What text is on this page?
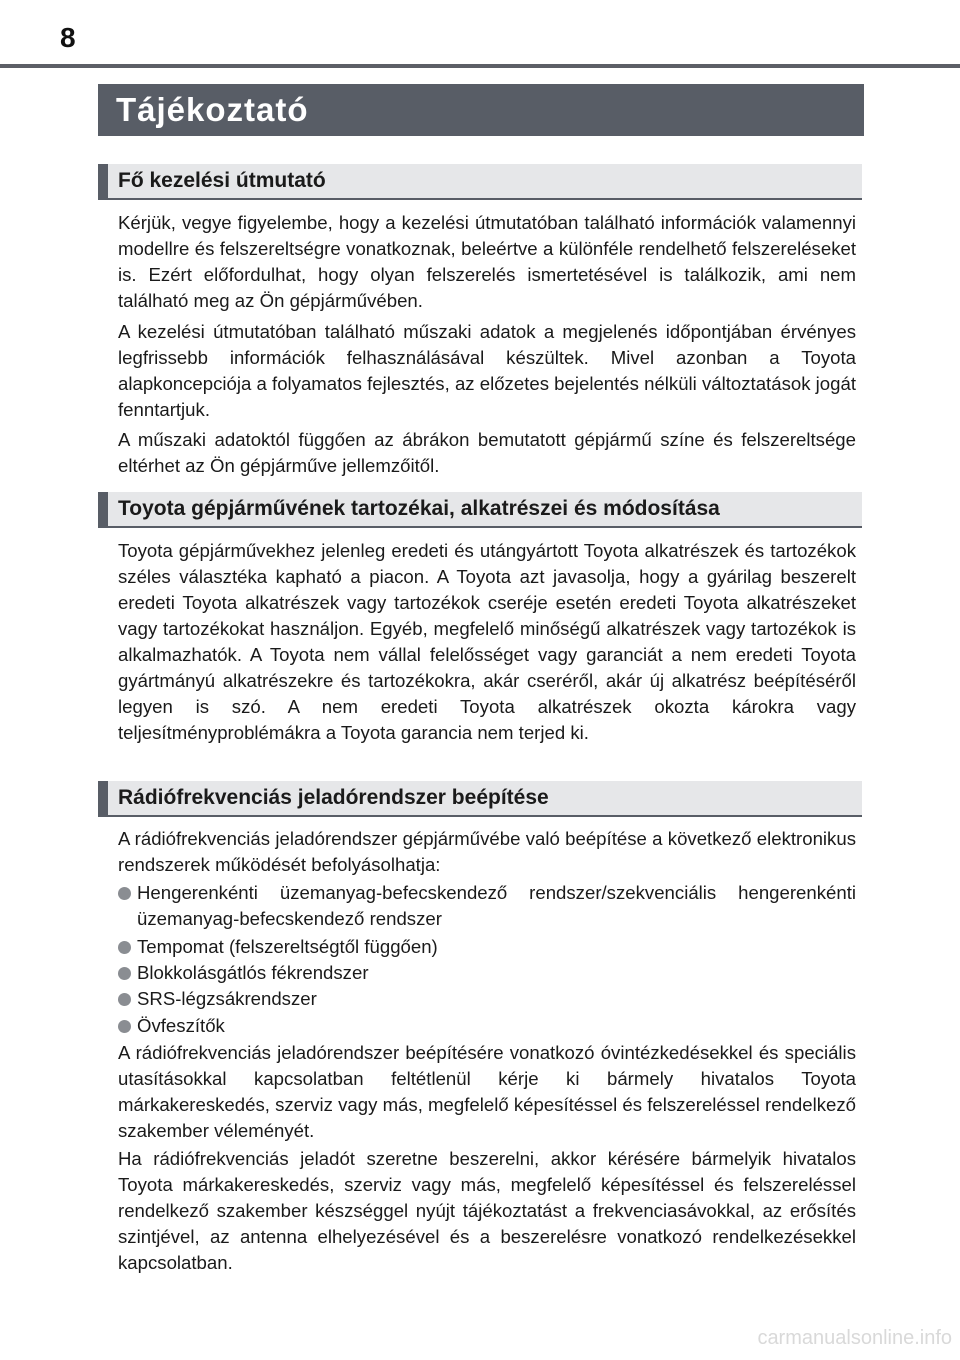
8
Tájékoztató
Fő kezelési útmutató

Kérjük, vegye figyelembe, hogy a kezelési útmutatóban található információk valamennyi modellre és felszereltségre vonatkoznak, beleértve a különféle rendelhető felszereléseket is. Ezért előfordulhat, hogy olyan felszerelés ismertetésével is találkozik, ami nem található meg az Ön gépjárművében.

A kezelési útmutatóban található műszaki adatok a megjelenés időpontjában érvényes legfrissebb információk felhasználásával készültek. Mivel azonban a Toyota alapkoncepciója a folyamatos fejlesztés, az előzetes bejelentés nélküli változtatások jogát fenntartjuk.

A műszaki adatoktól függően az ábrákon bemutatott gépjármű színe és felszereltsége eltérhet az Ön gépjárműve jellemzőitől.

Toyota gépjárművének tartozékai, alkatrészei és módosítása

Toyota gépjárművekhez jelenleg eredeti és utángyártott Toyota alkatrészek és tartozékok széles választéka kapható a piacon. A Toyota azt javasolja, hogy a gyárilag beszerelt eredeti Toyota alkatrészek vagy tartozékok cseréje esetén eredeti Toyota alkatrészeket vagy tartozékokat használjon. Egyéb, megfelelő minőségű alkatrészek vagy tartozékok is alkalmazhatók. A Toyota nem vállal felelősséget vagy garanciát a nem eredeti Toyota gyártmányú alkatrészekre és tartozékokra, akár cseréről, akár új alkatrész beépítéséről legyen is szó. A nem eredeti Toyota alkatrészek okozta károkra vagy teljesítményproblémákra a Toyota garancia nem terjed ki.

Rádiófrekvenciás jeladórendszer beépítése

A rádiófrekvenciás jeladórendszer gépjárművébe való beépítése a következő elektronikus rendszerek működését befolyásolhatja:

Hengerenkénti üzemanyag-befecskendező rendszer/szekvenciális hengerenkénti üzemanyag-befecskendező rendszer
Tempomat (felszereltségtől függően)
Blokkolásgátlós fékrendszer
SRS-légzsákrendszer
Övfeszítők

A rádiófrekvenciás jeladórendszer beépítésére vonatkozó óvintézkedésekkel és speciális utasításokkal kapcsolatban feltétlenül kérje ki bármely hivatalos Toyota márkakereskedés, szerviz vagy más, megfelelő képesítéssel és felszereléssel rendelkező szakember véleményét.

Ha rádiófrekvenciás jeladót szeretne beszerelni, akkor kérésére bármelyik hivatalos Toyota márkakereskedés, szerviz vagy más, megfelelő képesítéssel és felszereléssel rendelkező szakember készséggel nyújt tájékoztatást a frekvenciasávokkal, az erősítés szintjével, az antenna elhelyezésével és a beszerelésre vonatkozó rendelkezésekkel kapcsolatban.

carmanualsonline.info
